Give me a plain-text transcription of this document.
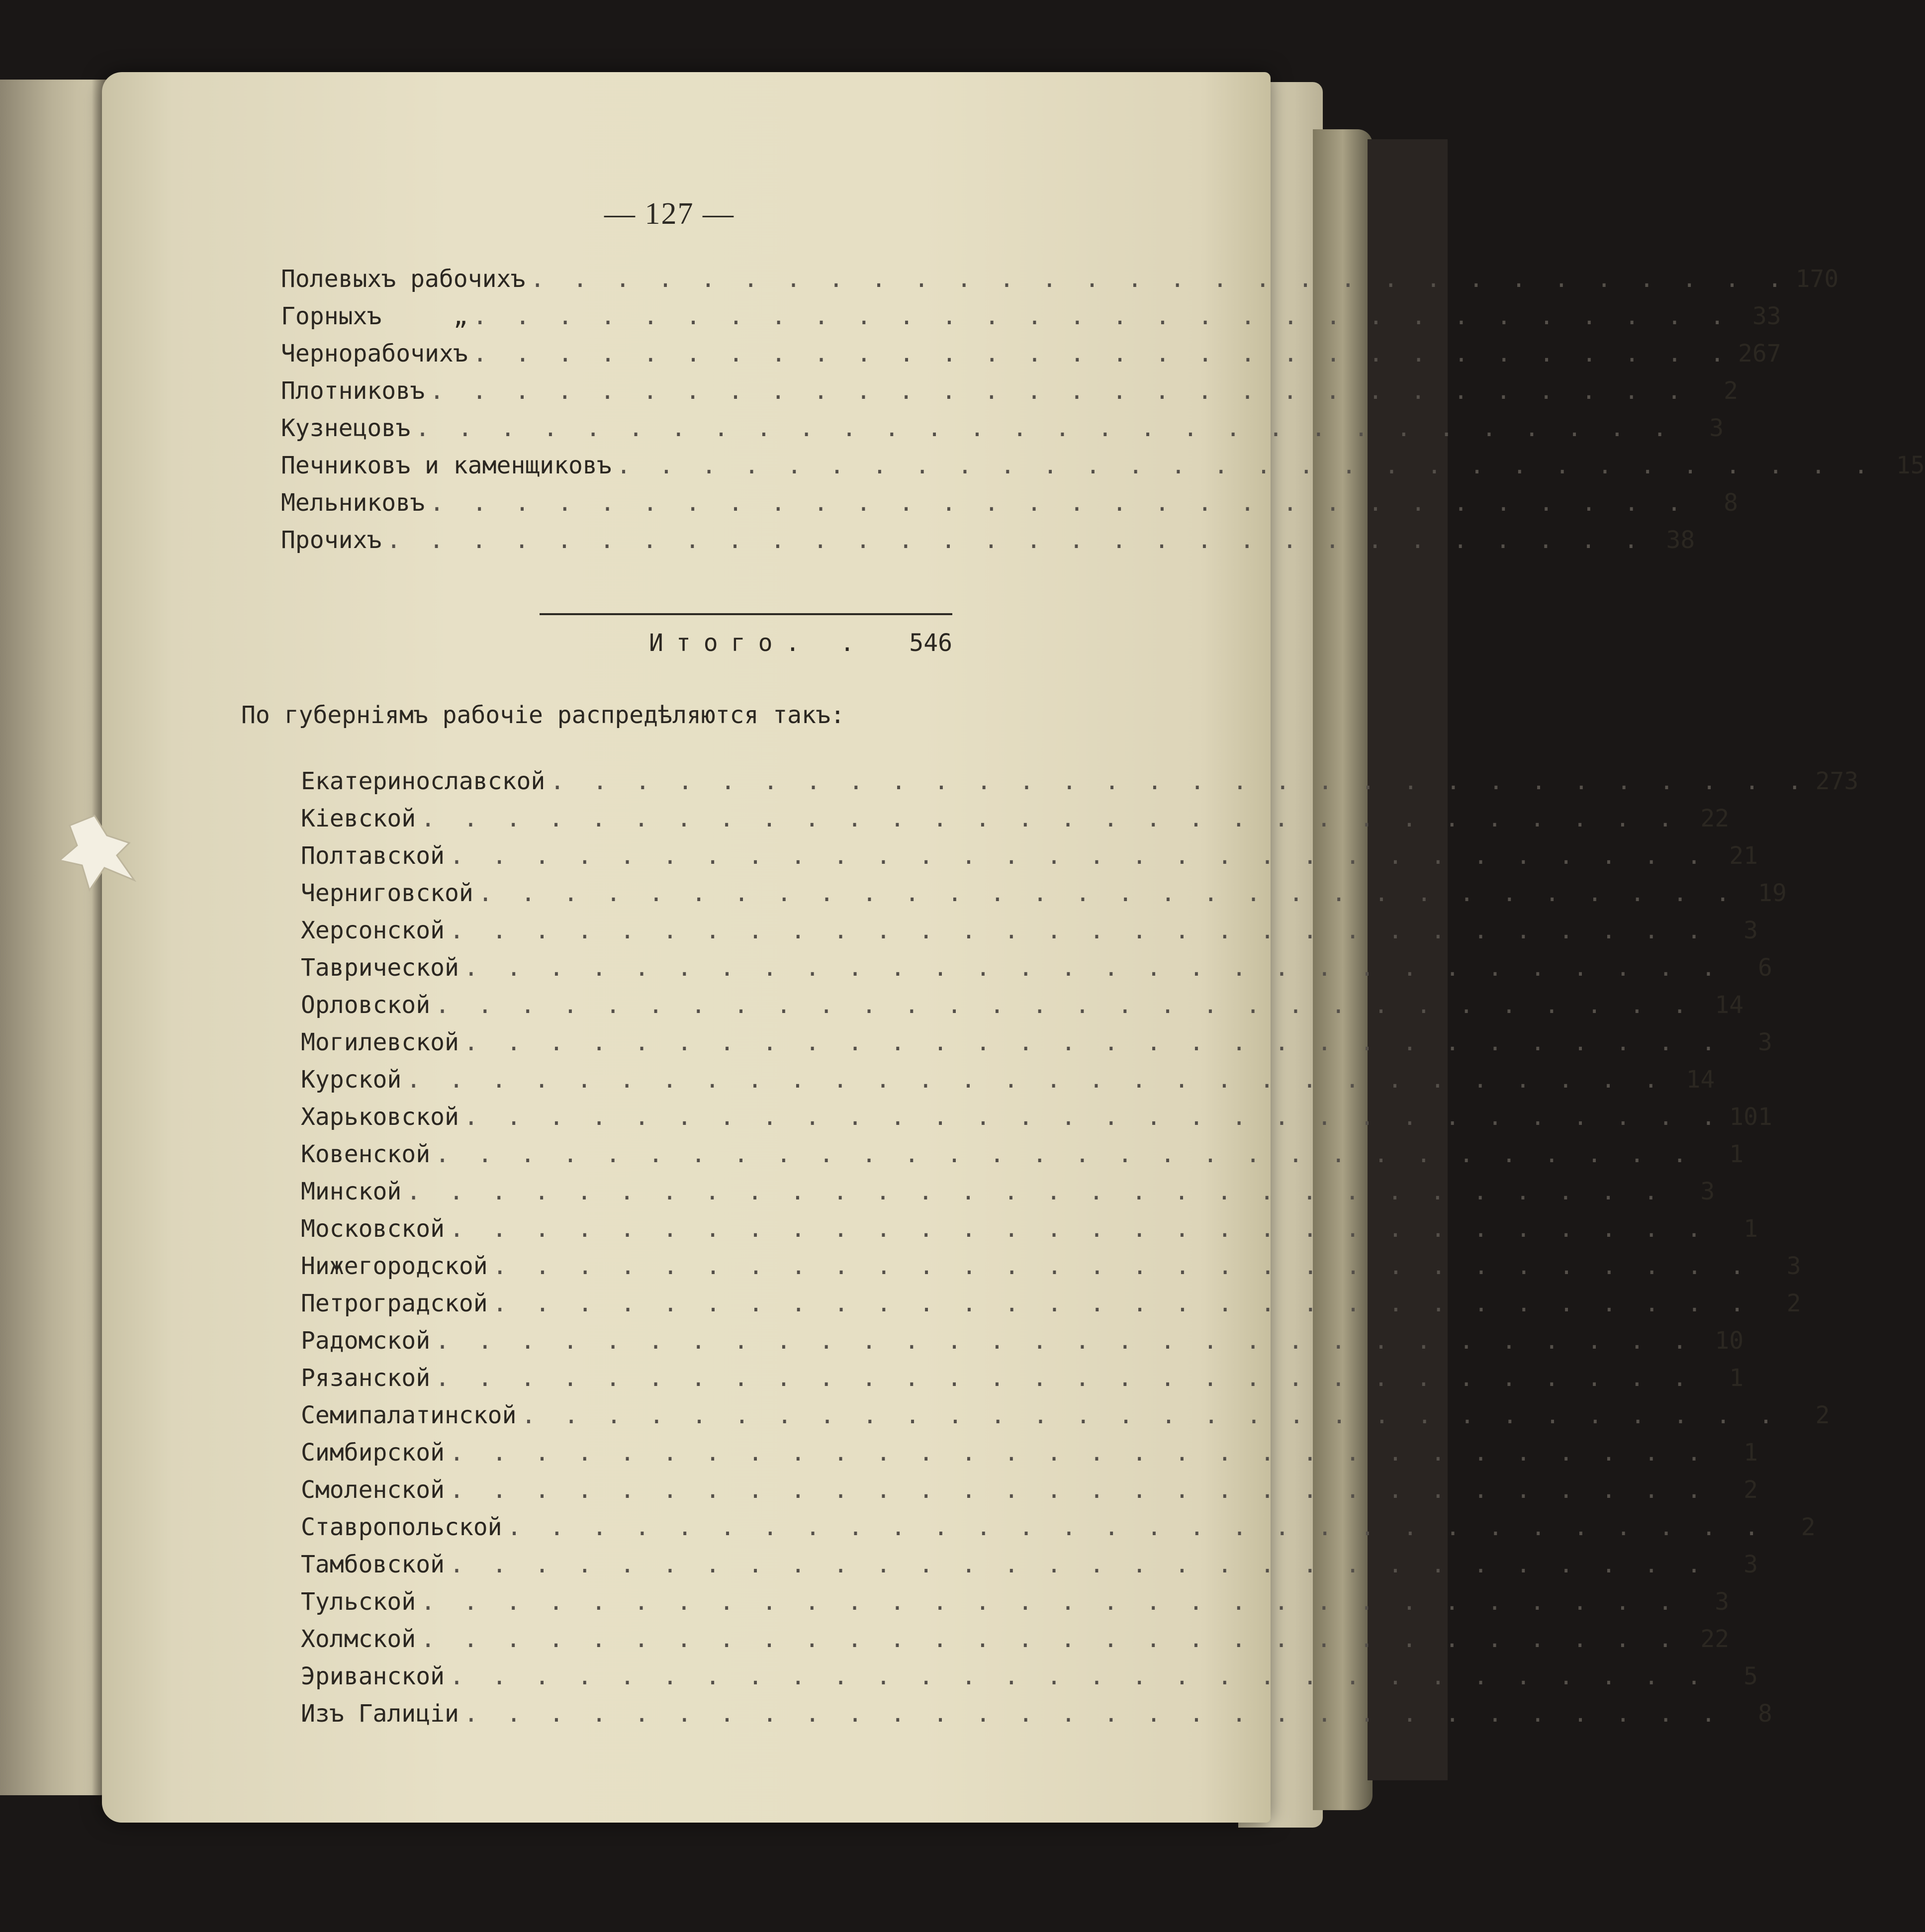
— 127 —
Полевыхъ рабочихъ . . . . . . . . . . . . . . . . . . . . . . . . . . . . . . 170
Горныхъ     „ . . . . . . . . . . . . . . . . . . . . . . . . . . . . . . 33
Чернорабочихъ . . . . . . . . . . . . . . . . . . . . . . . . . . . . . . 267
Плотниковъ . . . . . . . . . . . . . . . . . . . . . . . . . . . . . .	2
Кузнецовъ . . . . . . . . . . . . . . . . . . . . . . . . . . . . . .	3
Печниковъ и каменщиковъ . . . . . . . . . . . . . . . . . . . . . . . . . . . . . . 15
Мельниковъ . . . . . . . . . . . . . . . . . . . . . . . . . . . . . .	8
Прочихъ . . . . . . . . . . . . . . . . . . . . . . . . . . . . . . 38
Итого. . 546
По губерніямъ рабочіе распредѣляются такъ:
Екатеринославской . . . . . . . . . . . . . . . . . . . . . . . . . . . . . . 273
Кіевской . . . . . . . . . . . . . . . . . . . . . . . . . . . . . . 22
Полтавской . . . . . . . . . . . . . . . . . . . . . . . . . . . . . . 21
Черниговской . . . . . . . . . . . . . . . . . . . . . . . . . . . . . . 19
Херсонской . . . . . . . . . . . . . . . . . . . . . . . . . . . . . .	3
Таврической . . . . . . . . . . . . . . . . . . . . . . . . . . . . . .	6
Орловской . . . . . . . . . . . . . . . . . . . . . . . . . . . . . . 14
Могилевской . . . . . . . . . . . . . . . . . . . . . . . . . . . . . .	3
Курской . . . . . . . . . . . . . . . . . . . . . . . . . . . . . . 14
Харьковской . . . . . . . . . . . . . . . . . . . . . . . . . . . . . . 101
Ковенской . . . . . . . . . . . . . . . . . . . . . . . . . . . . . .	1
Минской . . . . . . . . . . . . . . . . . . . . . . . . . . . . . .	3
Московской . . . . . . . . . . . . . . . . . . . . . . . . . . . . . .	1
Нижегородской . . . . . . . . . . . . . . . . . . . . . . . . . . . . . .	3
Петроградской . . . . . . . . . . . . . . . . . . . . . . . . . . . . . .	2
Радомской . . . . . . . . . . . . . . . . . . . . . . . . . . . . . . 10
Рязанской . . . . . . . . . . . . . . . . . . . . . . . . . . . . . .	1
Семипалатинской . . . . . . . . . . . . . . . . . . . . . . . . . . . . . .	2
Симбирской . . . . . . . . . . . . . . . . . . . . . . . . . . . . . .	1
Смоленской . . . . . . . . . . . . . . . . . . . . . . . . . . . . . .	2
Ставропольской . . . . . . . . . . . . . . . . . . . . . . . . . . . . . .	2
Тамбовской . . . . . . . . . . . . . . . . . . . . . . . . . . . . . .	3
Тульской . . . . . . . . . . . . . . . . . . . . . . . . . . . . . .	3
Холмской . . . . . . . . . . . . . . . . . . . . . . . . . . . . . . 22
Эриванской . . . . . . . . . . . . . . . . . . . . . . . . . . . . . .	5
Изъ Галиціи . . . . . . . . . . . . . . . . . . . . . . . . . . . . . .	8
